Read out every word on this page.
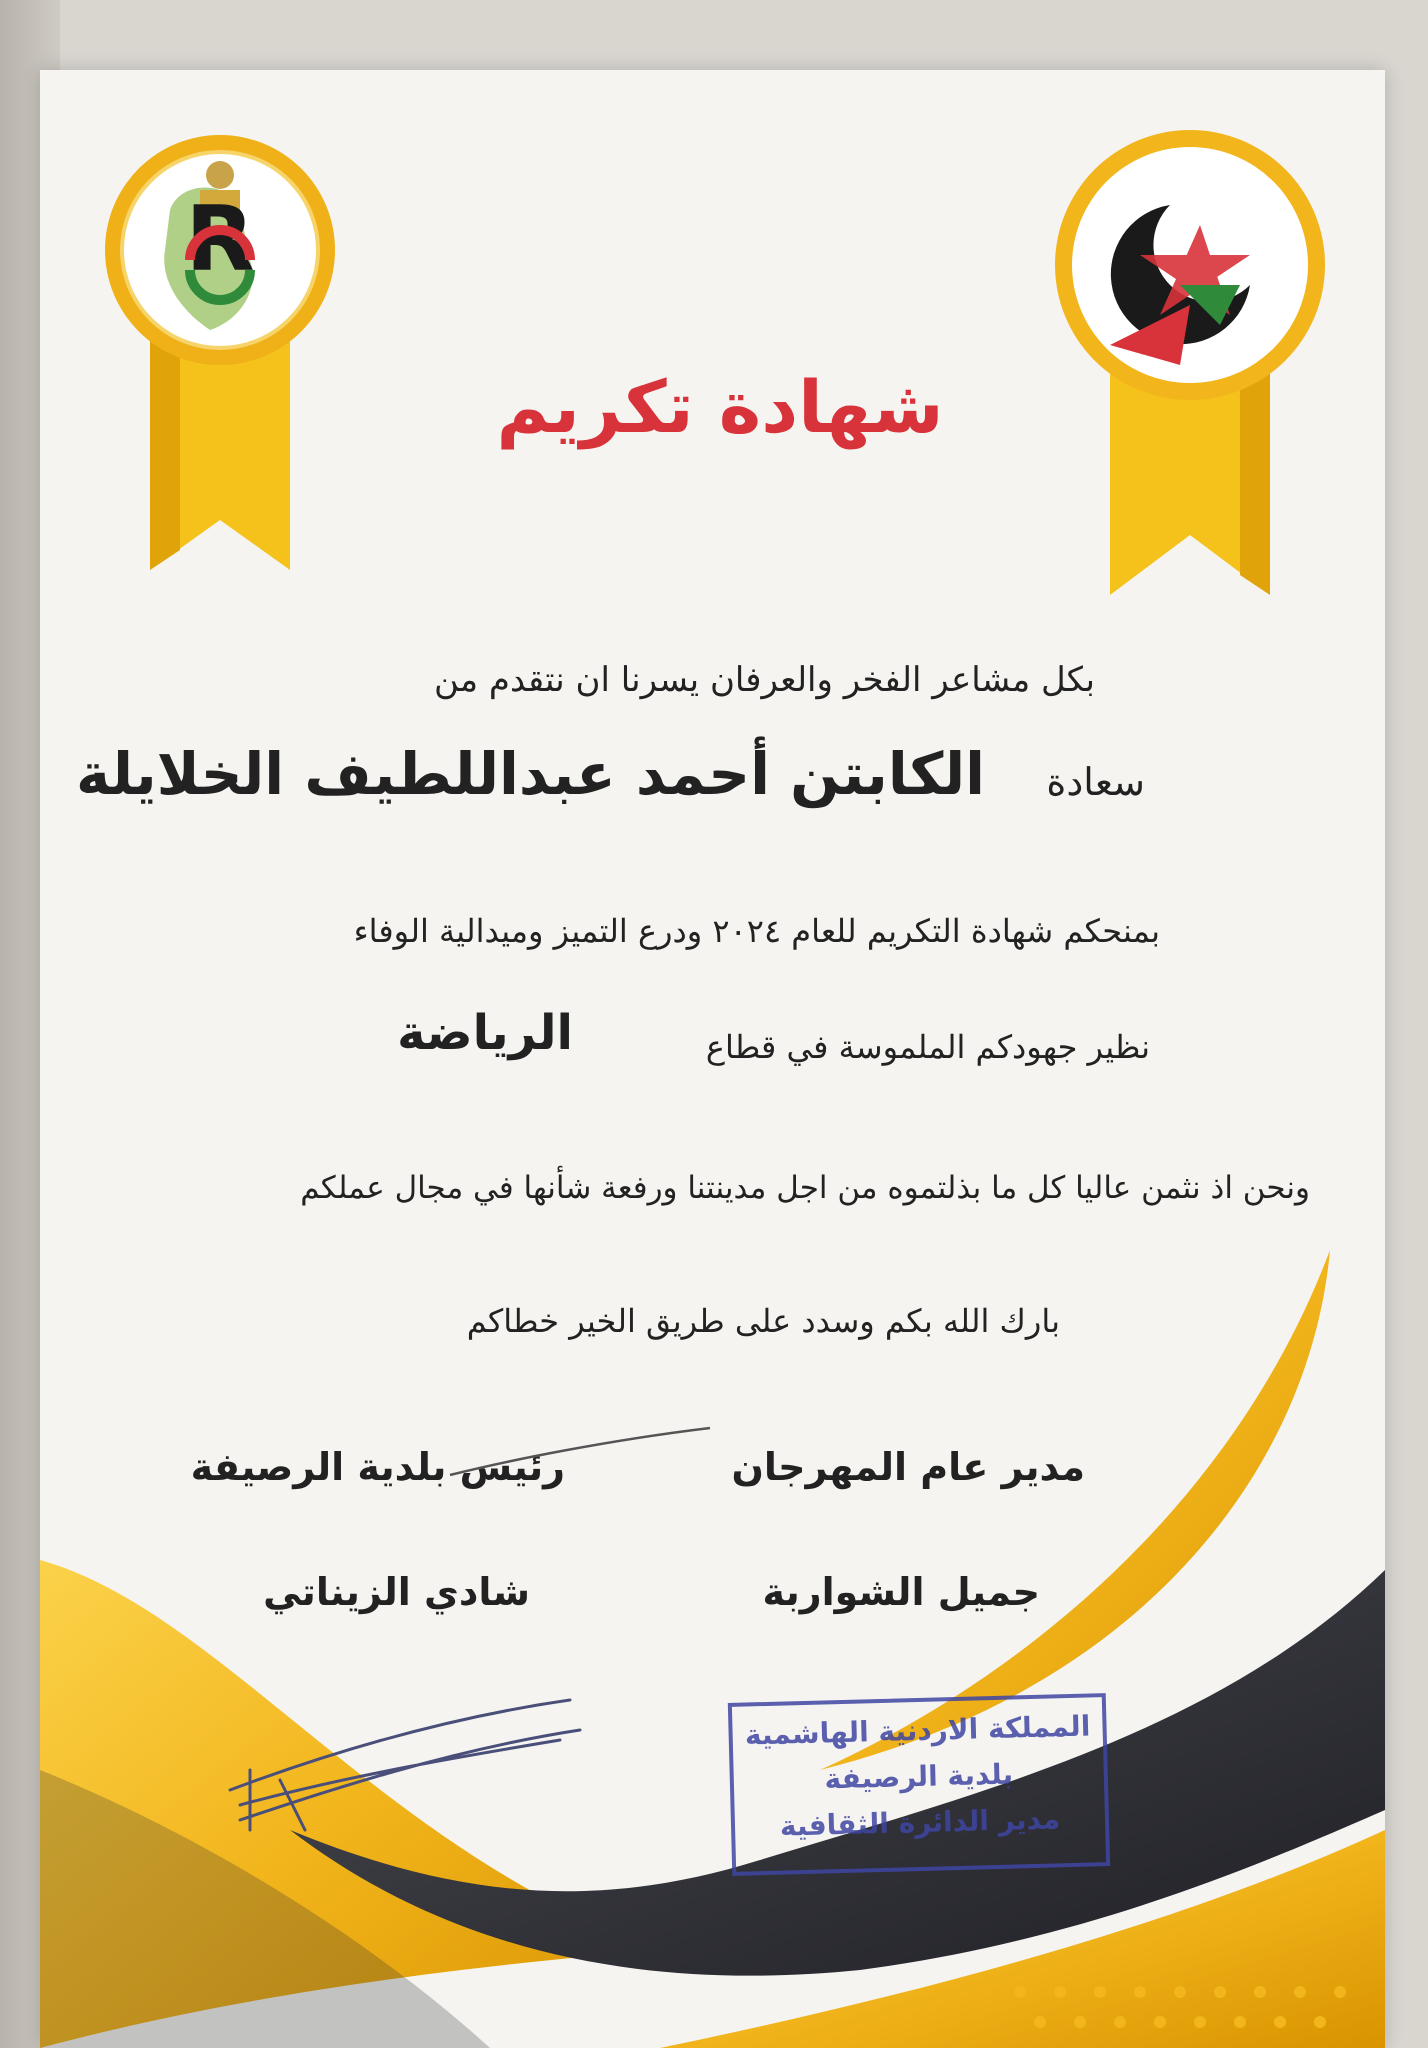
R
شهادة تكريم
بكل مشاعر الفخر والعرفان يسرنا ان نتقدم من
سعادة
الكابتن أحمد عبداللطيف الخلايلة
بمنحكم شهادة التكريم للعام ٢٠٢٤ ودرع التميز وميدالية الوفاء
نظير جهودكم الملموسة في قطاع
الرياضة
ونحن اذ نثمن عاليا كل ما بذلتموه من اجل مدينتنا ورفعة شأنها في مجال عملكم
بارك الله بكم وسدد على طريق الخير خطاكم
مدير عام المهرجان
جميل الشواربة
رئيس بلدية الرصيفة
شادي الزيناتي
المملكة الاردنية الهاشمية
بلدية الرصيفة
مدير الدائرة الثقافية
